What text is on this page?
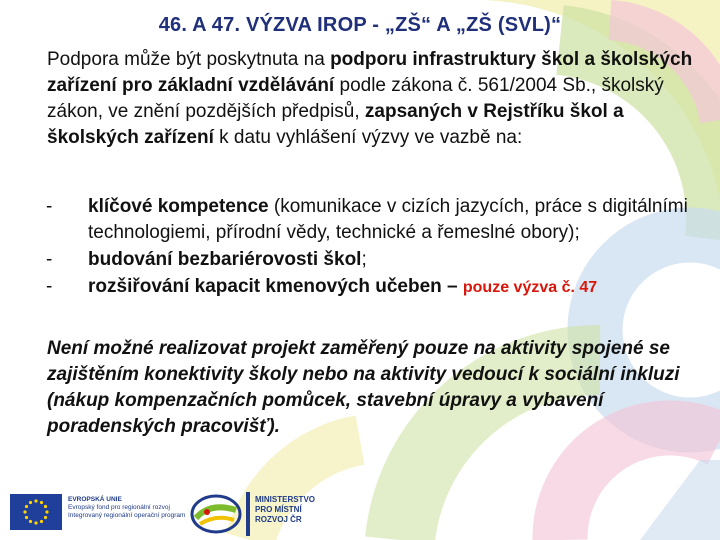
46. A 47. VÝZVA IROP - „ZŠ“ A „ZŠ (SVL)“

Podpora může být poskytnuta na podporu infrastruktury škol a školských zařízení pro základní vzdělávání podle zákona č. 561/2004 Sb., školský zákon, ve znění pozdějších předpisů, zapsaných v Rejstříku škol a školských zařízení k datu vyhlášení výzvy ve vazbě na:

- klíčové kompetence (komunikace v cizích jazycích, práce s digitálními technologiemi, přírodní vědy, technické a řemeslné obory);
- budování bezbariérovosti škol;
- rozšiřování kapacit kmenových učeben – pouze výzva č. 47

Není možné realizovat projekt zaměřený pouze na aktivity spojené se zajištěním konektivity školy nebo na aktivity vedoucí k sociální inkluzi (nákup kompenzačních pomůcek, stavební úpravy a vybavení poradenských pracovišť).

EVROPSKÁ UNIE
Evropský fond pro regionální rozvoj
Integrovaný regionální operační program
MINISTERSTVO
PRO MÍSTNÍ
ROZVOJ ČR
